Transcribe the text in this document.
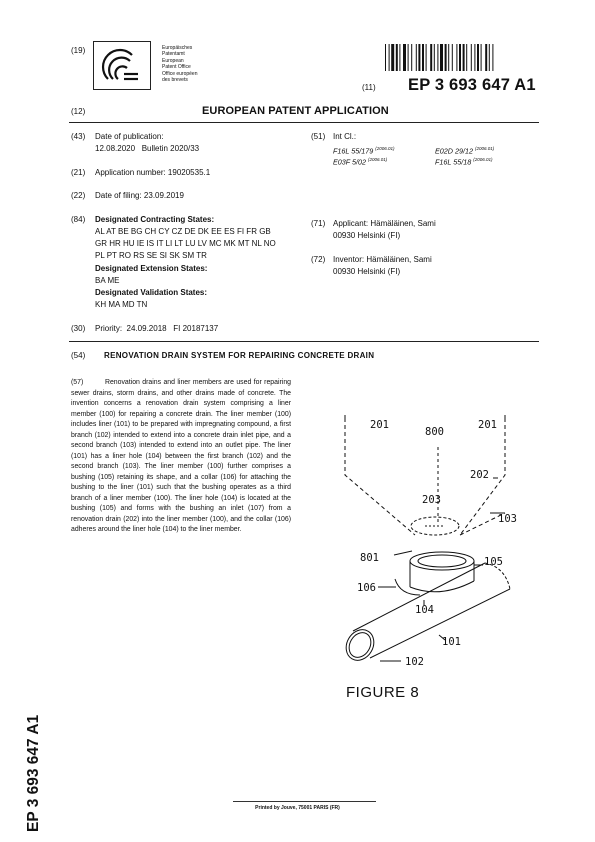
(19)	Europäisches
Patentamt
European
Patent Office
Office européen
des brevets
(11) EP 3 693 647 A1
(12)	EUROPEAN PATENT APPLICATION
(43) Date of publication:
12.08.2020   Bulletin 2020/33
(21) Application number: 19020535.1
(22) Date of filing: 23.09.2019
(84) Designated Contracting States:
AL AT BE BG CH CY CZ DE DK EE ES FI FR GB
GR HR HU IE IS IT LI LT LU LV MC MK MT NL NO
PL PT RO RS SE SI SK SM TR
Designated Extension States:
BA ME
Designated Validation States:
KH MA MD TN
(30) Priority:  24.09.2018   FI 20187137
(51) Int Cl.:
F16L 55/179 $^{(2006.01)}$	E02D 29/12 $^{(2006.01)}$
E03F 5/02 $^{(2006.01)}$	F16L 55/18 $^{(2006.01)}$
(71) Applicant: Hämäläinen, Sami
00930 Helsinki (FI)
(72) Inventor: Hämäläinen, Sami
00930 Helsinki (FI)
(54) RENOVATION DRAIN SYSTEM FOR REPAIRING CONCRETE DRAIN
(57)	Renovation drains and liner members are used for repairing sewer drains, storm drains, and other drains made of concrete. The invention concerns a renovation drain system comprising a liner member (100) for repairing a concrete drain. The liner member (100) includes liner (101) to be prepared with impregnating compound, a first branch (102) intended to extend into a concrete drain inlet pipe, and a second branch (103) intended to extend into an outlet pipe. The liner (101) has a liner hole (104) between the first branch (102) and the second branch (103). The liner member (100) further comprises a bushing (105) retaining its shape, and a collar (106) for attaching the bushing to the liner (101) such that the bushing operates as a third branch of a liner member (100). The liner hole (104) is located at the bushing (105) and forms with the bushing an inlet (107) from a renovation drain (202) into the liner member (100), and the collar (106) adheres around the liner hole (104) to the liner member.
201
800
201
202
203
103
801	105
106
104
101
102
FIGURE 8
EP 3 693 647 A1	Printed by Jouve, 75001 PARIS (FR)
